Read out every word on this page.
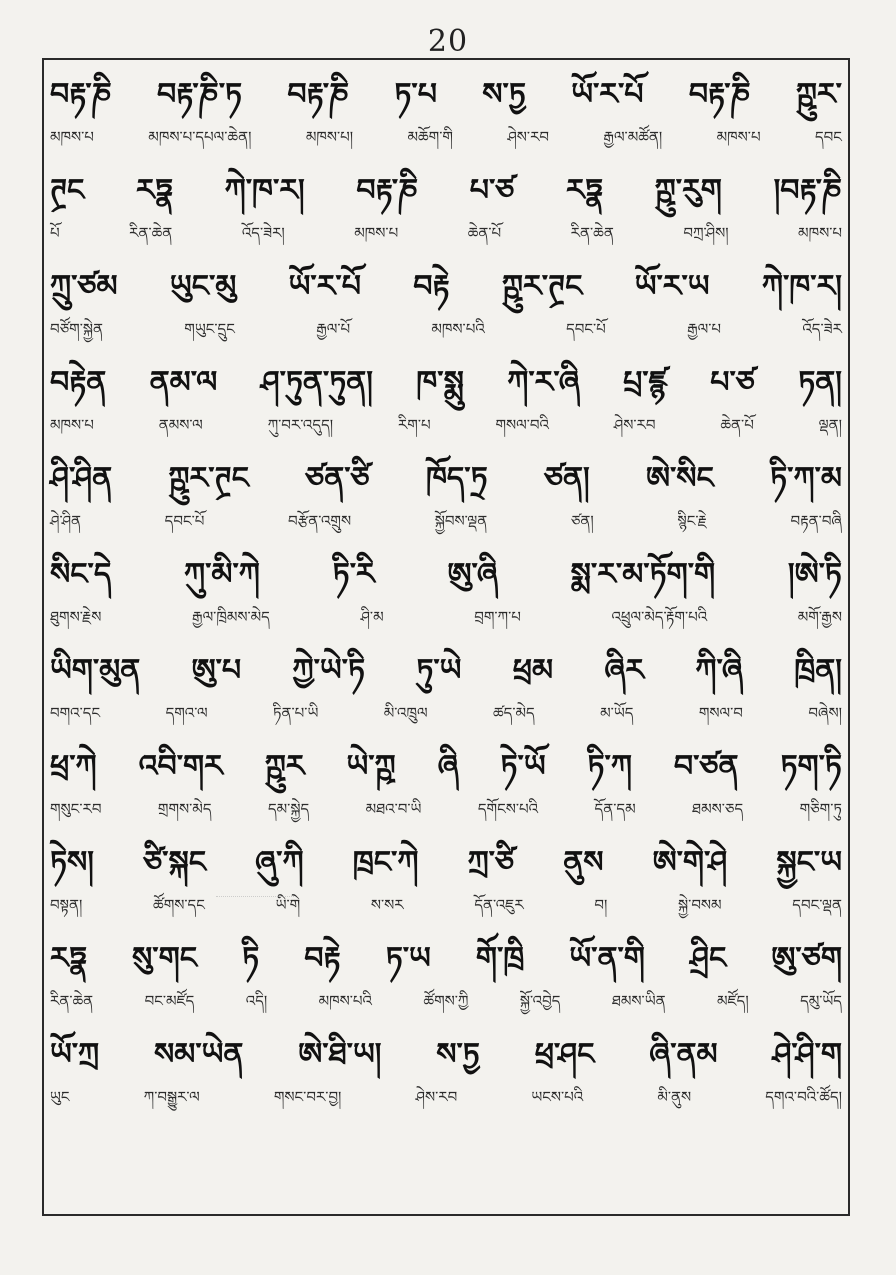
20
བརྟ་ཎི བརྟ་ཎི་ཏ བརྟ་ཎི ཏ་པ ས་ཏྱ ཡོ་ར་པོ བརྟ་ཎི ཀྵུར་
མཁས་པ	མཁས་པ་དཔལ་ཆེན།	མཁས་པ།	མཆོག་གི	ཤེས་རབ	རྒྱལ་མཚོན།	མཁས་པ	དབང
ཊྲང རཏྣ ཀེ་ཁ་ར། བརྟ་ཎི པ་ཙ རཏྣ ཀྵུ་རུག །བརྟ་ཎི
པོ	རིན་ཆེན	འོད་ཟེར།	མཁས་པ	ཆེན་པོ	རིན་ཆེན	བཀྲ་ཤིས།	མཁས་པ
ཀྲུ་ཙམ ཡུང་མུ ཡོ་ར་པོ བརྟེ ཀྵུར་ཊྲང ཡོ་ར་ཡ ཀེ་ཁ་ར།
བཙོག་སྐྱེན	གཡུང་དྲུང	རྒྱལ་པོ	མཁས་པའི	དབང་པོ	རྒྱལ་པ	འོད་ཟེར
བརྟེན ནམ་ལ ཤ་ཏུན་ཏུན། ཁ་སྨུ ཀེ་ར་ཞི པྲ་ཛྙ པ་ཙ ཏན།
མཁས་པ	ནམས་ལ	ཀུ་བར་འདུད།	རིག་པ	གསལ་བའི	ཤེས་རབ	ཆེན་པོ	ལྡན།
ཤི་ཤིན ཀྵུར་ཊྲང ཙན་ཙི ཁོད་ཏྲ ཙན། ཨེ་སིང ཏི་ཀ་མ
ཤེ་ཤིན	དབང་པོ	བརྩོན་འགྲུས	སྐྱོབས་ལྡན	ཙན།	སྙིང་རྗེ	བརྟན་བཞི
སིང་དེ ཀུ་མི་ཀེ ཏི་རི ཨུ་ཞི སྨ་ར་མ་ཏོག་གི །ཨེ་ཏི
ཐུགས་རྗེས	རྒྱལ་ཁྲིམས་མེད	ཤི་མ	བྲག་ཀ་པ	འཕྲུལ་མེད་རྟོག་པའི	མགོ་རྒྱས
ཡིག་མུན ཨུ་པ ཀྱེ་ཡེ་ཏི ཏུ་ཡེ ཕྲམ ཞིར ཀི་ཞི ཁྲིན།
བགའ་དང	དགའ་ལ	ཏིན་པ་ཡི	མི་འཁྲུལ	ཚད་མེད	མ་ཡོད	གསལ་བ	བཞེས།
ཕྲ་ཀེ འབི་གར ཀྵུར ཡེ་ཀྵ ཞི ཏེ་ཡོ ཏི་ཀ བ་ཙན ཏག་ཏི
གསུང་རབ	གྲགས་མེད	དམ་སྐྱེད	མཐའ་བ་ཡི	དགོངས་པའི	དོན་དམ	ཐམས་ཅད	གཅིག་ཏུ
ཏེས། ཙི་སྐང ཞུ་ཀི ཁྲང་ཀེ ཀྲ་ཙི ནུས ཨེ་གེ་ཤེ སྐྱང་ཡ
བསྟན།	ཚོགས་དང	ཡི་གེ	ས་སར	དོན་འཇུར	བ།	སྐྱེ་བསམ	དབང་ལྡན
རཏྣ སུ་གང ཏི བརྟེ ཏ་ཡ གོ་ཁྲི ཡོ་ན་གི ཤྲིང ཨུ་ཙག
རིན་ཆེན	བང་མཛོད	འདི།	མཁས་པའི	ཚོགས་ཀྱི	སྐྱོ་འབྱེད	ཐམས་ཡིན	མཛོད།	དམུ་ཡོད
ཡོ་ཀྲ སམ་ཡེན ཨེ་ཐི་ཡ། ས་ཏྱ ཕྲ་ཤང ཞི་ནམ ཤེ་ཤི་ག
ཡུང	ཀ་བསྒྱུར་ལ	གསང་བར་བྱ།	ཤེས་རབ	ཡངས་པའི	མི་ནུས	དགའ་བའི་ཚོད།
